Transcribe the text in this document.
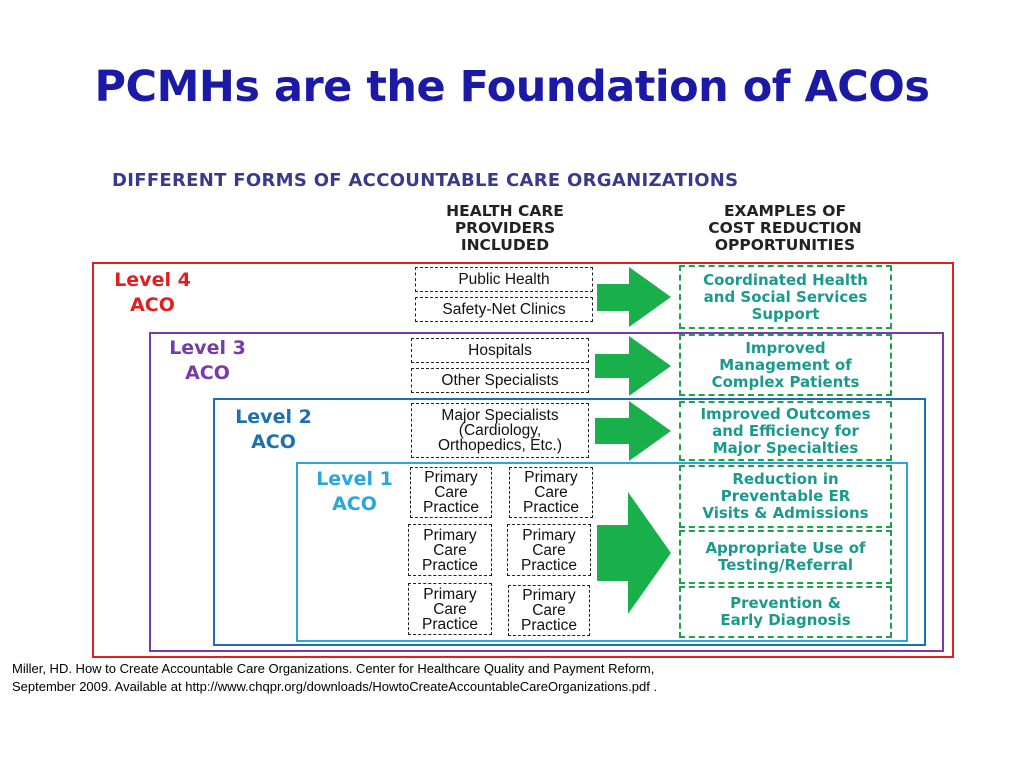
PCMHs are the Foundation of ACOs
DIFFERENT FORMS OF ACCOUNTABLE CARE ORGANIZATIONS
HEALTH CARE
PROVIDERS
INCLUDED
EXAMPLES OF
COST REDUCTION
OPPORTUNITIES
Level 4
ACO
Level 3
ACO
Level 2
ACO
Level 1
ACO
Public Health
Safety-Net Clinics
Hospitals
Other Specialists
Major Specialists
(Cardiology,
Orthopedics, Etc.)
Primary
Care
Practice
Primary
Care
Practice
Primary
Care
Practice
Primary
Care
Practice
Primary
Care
Practice
Primary
Care
Practice
Coordinated Health
and Social Services
Support
Improved
Management of
Complex Patients
Improved Outcomes
and Efficiency for
Major Specialties
Reduction in
Preventable ER
Visits & Admissions
Appropriate Use of
Testing/Referral
Prevention &
Early Diagnosis
Miller, HD. How to Create Accountable Care Organizations. Center for Healthcare Quality and Payment Reform,
September 2009. Available at http://www.chqpr.org/downloads/HowtoCreateAccountableCareOrganizations.pdf .
